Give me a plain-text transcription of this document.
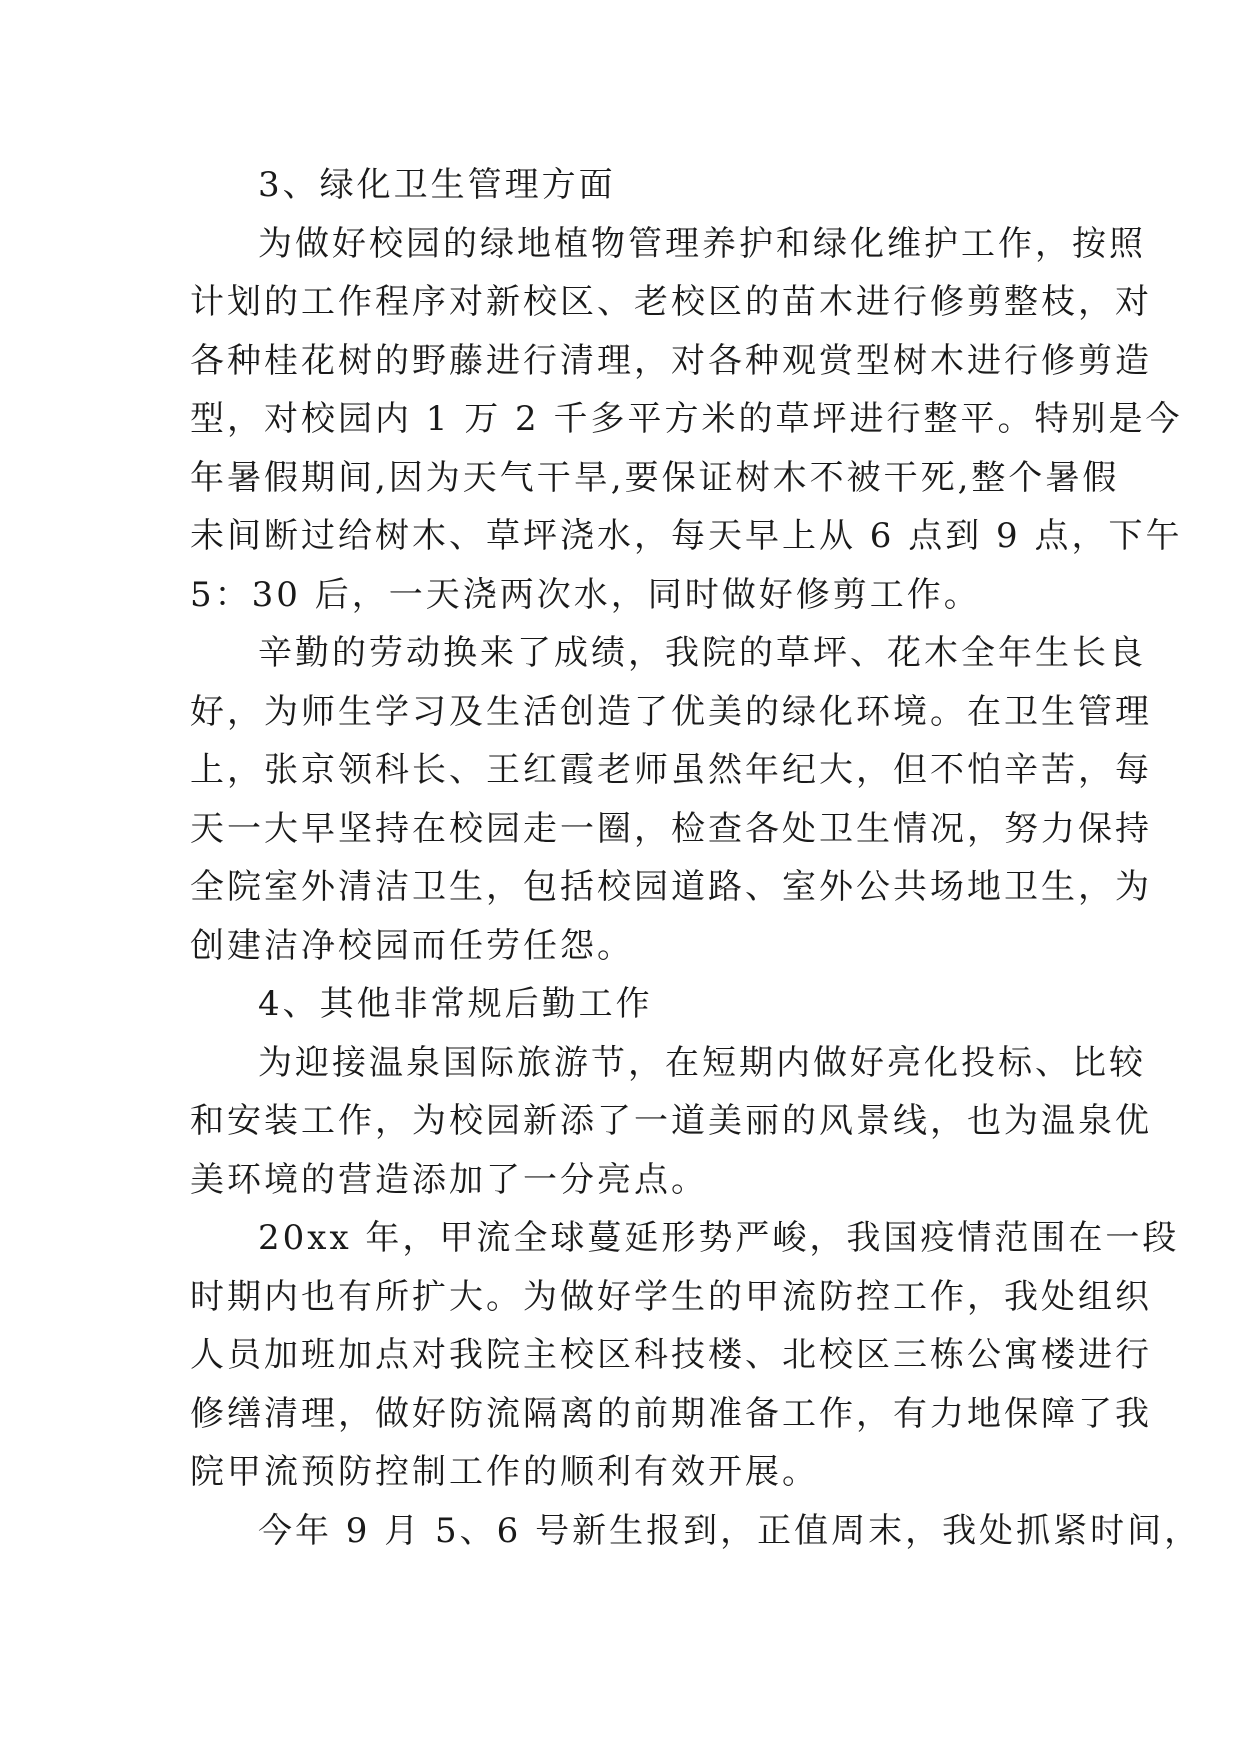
3、绿化卫生管理方面
为做好校园的绿地植物管理养护和绿化维护工作，按照
计划的工作程序对新校区、老校区的苗木进行修剪整枝，对
各种桂花树的野藤进行清理，对各种观赏型树木进行修剪造
型，对校园内 1 万 2 千多平方米的草坪进行整平。特别是今
年暑假期间,因为天气干旱,要保证树木不被干死,整个暑假
未间断过给树木、草坪浇水，每天早上从 6 点到 9 点，下午
5：30 后，一天浇两次水，同时做好修剪工作。
辛勤的劳动换来了成绩，我院的草坪、花木全年生长良
好，为师生学习及生活创造了优美的绿化环境。在卫生管理
上，张京领科长、王红霞老师虽然年纪大，但不怕辛苦，每
天一大早坚持在校园走一圈，检查各处卫生情况，努力保持
全院室外清洁卫生，包括校园道路、室外公共场地卫生，为
创建洁净校园而任劳任怨。
4、其他非常规后勤工作
为迎接温泉国际旅游节，在短期内做好亮化投标、比较
和安装工作，为校园新添了一道美丽的风景线，也为温泉优
美环境的营造添加了一分亮点。
20xx 年，甲流全球蔓延形势严峻，我国疫情范围在一段
时期内也有所扩大。为做好学生的甲流防控工作，我处组织
人员加班加点对我院主校区科技楼、北校区三栋公寓楼进行
修缮清理，做好防流隔离的前期准备工作，有力地保障了我
院甲流预防控制工作的顺利有效开展。
今年 9 月 5、6 号新生报到，正值周末，我处抓紧时间，
